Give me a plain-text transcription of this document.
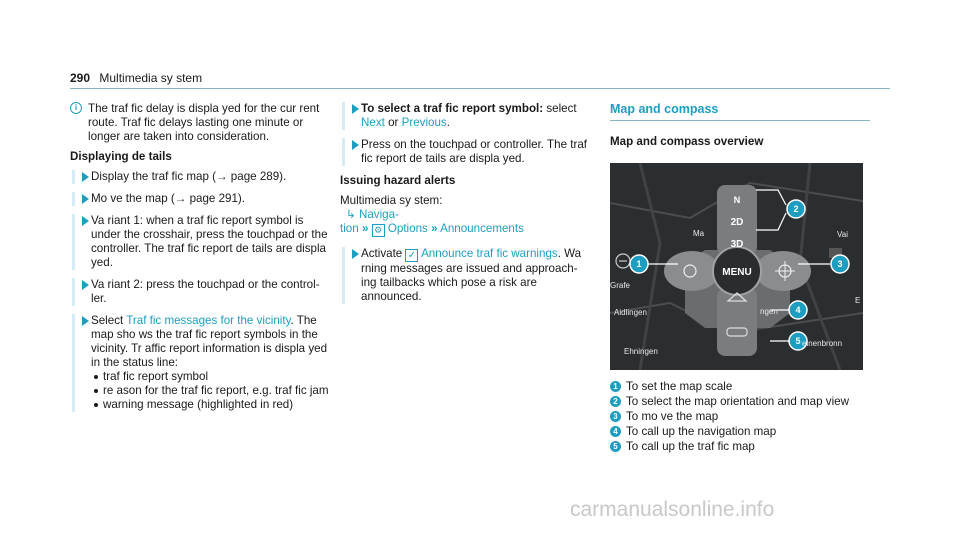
290 Multimedia sy stem
i The traf fic delay is displa yed for the cur rent route. Traf fic delays lasting one minute or longer are taken into consideration.
Displaying de tails
Display the traf fic map (→ page 289).
Mo ve the map (→ page 291).
Va riant 1: when a traf fic report symbol is under the crosshair, press the touchpad or the controller. The traf fic report de tails are displa yed.
Va riant 2: press the touchpad or the control- ler.
Select Traf fic messages for the vicinity. The map sho ws the traf fic report symbols in the vicinity. Tr affic report information is displa yed in the status line:
traf fic report symbol
re ason for the traf fic report, e.g. traf fic jam
warning message (highlighted in red)
To select a traf fic report symbol: select
Next or Previous.
Press on the touchpad or controller. The traf fic report de tails are displa yed.
Issuing hazard alerts
Multimedia sy stem:
↳ Naviga-
tion » ⚙ Options » Announcements
Activate ✓ Announce traf fic warnings. Wa rning messages are issued and approach- ing tailbacks which pose a risk are announced.
Map and compass
Map and compass overview
1
2
3
4
5
Ma	Vai
Grafe
Aidlingen	ngen
Ehningen
einenbronn
E
N
2D
3D
MENU
1 To set the map scale
2 To select the map orientation and map view
3 To mo ve the map
4 To call up the navigation map
5 To call up the traf fic map
carmanualsonline.info
